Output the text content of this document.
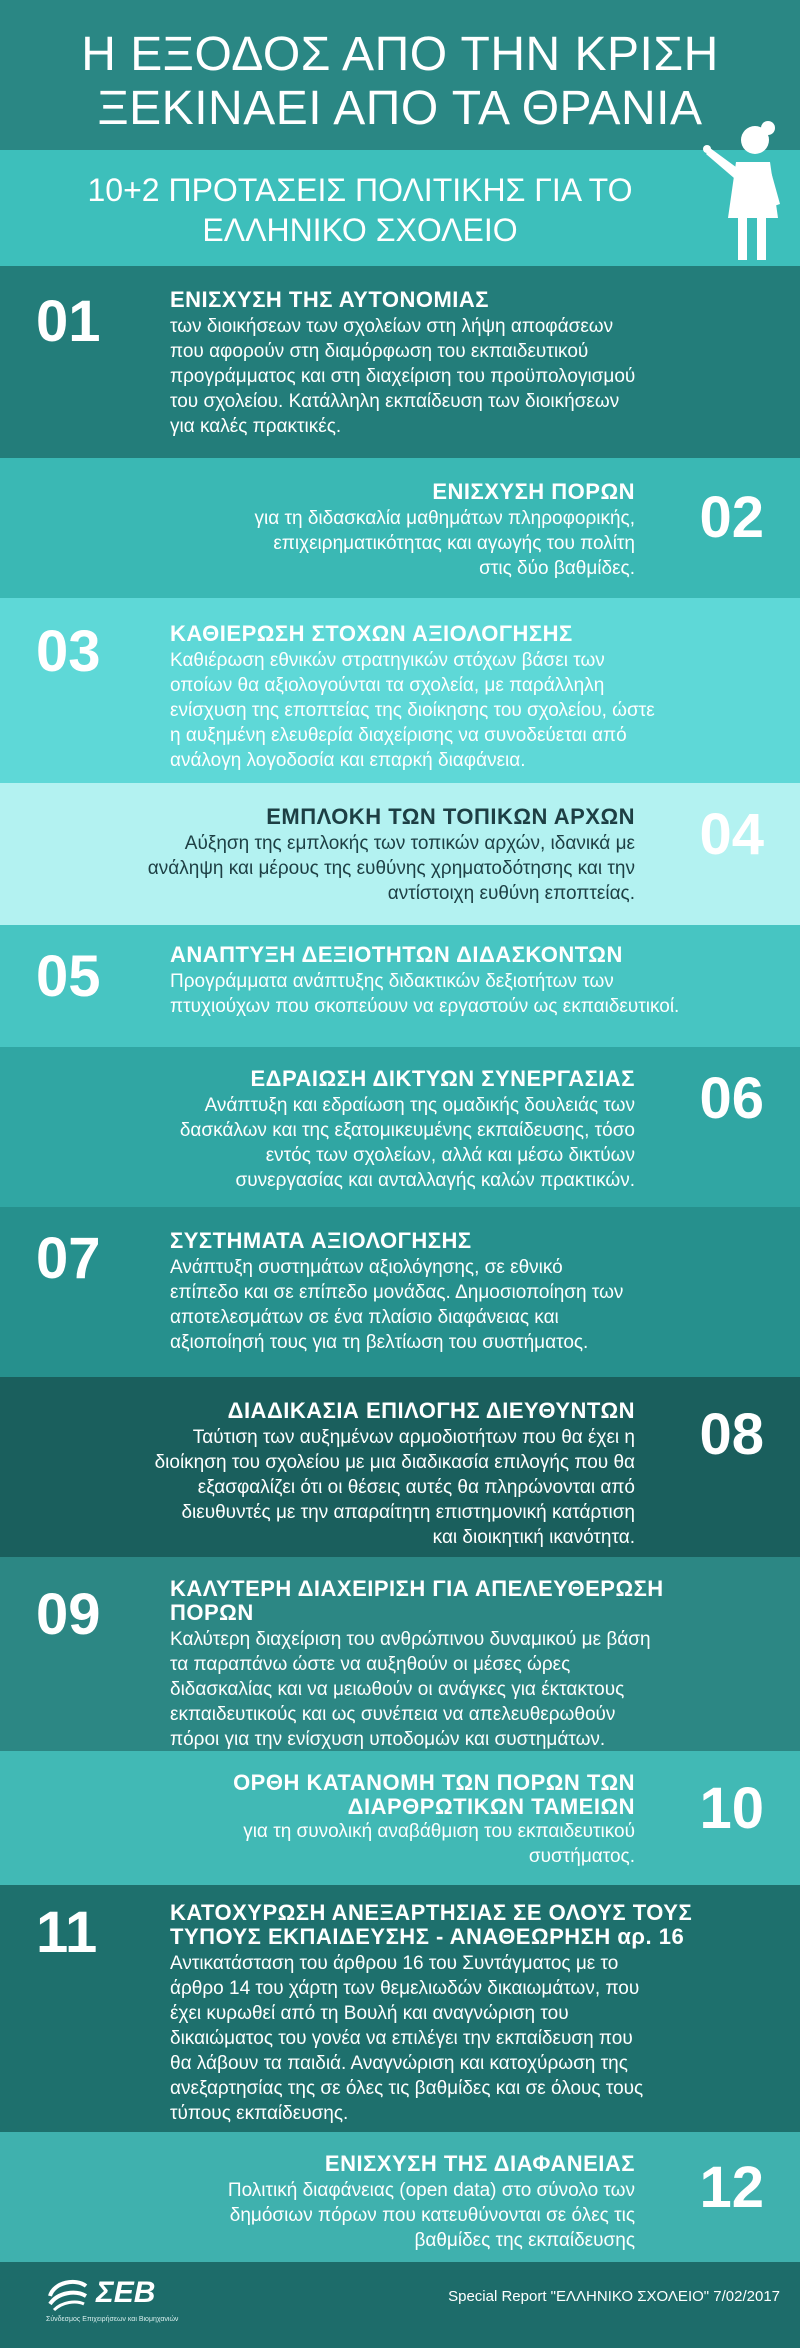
Η ΕΞΟΔΟΣ ΑΠΟ ΤΗΝ ΚΡΙΣΗ
ΞΕΚΙΝΑΕΙ ΑΠΟ ΤΑ ΘΡΑΝΙΑ
10+2 ΠΡΟΤΑΣΕΙΣ ΠΟΛΙΤΙΚΗΣ ΓΙΑ ΤΟ
ΕΛΛΗΝΙΚΟ ΣΧΟΛΕΙΟ
01	ΕΝΙΣΧΥΣΗ ΤΗΣ ΑΥΤΟΝΟΜΙΑΣ
των διοικήσεων των σχολείων στη λήψη αποφάσεων
που αφορούν στη διαμόρφωση του εκπαιδευτικού
προγράμματος και στη διαχείριση του προϋπολογισμού
του σχολείου. Κατάλληλη εκπαίδευση των διοικήσεων
για καλές πρακτικές.
02
ΕΝΙΣΧΥΣΗ ΠΟΡΩΝ
για τη διδασκαλία μαθημάτων πληροφορικής,
επιχειρηματικότητας και αγωγής του πολίτη
στις δύο βαθμίδες.
03	ΚΑΘΙΕΡΩΣΗ ΣΤΟΧΩΝ ΑΞΙΟΛΟΓΗΣΗΣ
Καθιέρωση εθνικών στρατηγικών στόχων βάσει των
οποίων θα αξιολογούνται τα σχολεία, με παράλληλη
ενίσχυση της εποπτείας της διοίκησης του σχολείου, ώστε
η αυξημένη ελευθερία διαχείρισης να συνοδεύεται από
ανάλογη λογοδοσία και επαρκή διαφάνεια.
04
ΕΜΠΛΟΚΗ ΤΩΝ ΤΟΠΙΚΩΝ ΑΡΧΩΝ
Αύξηση της εμπλοκής των τοπικών αρχών, ιδανικά με
ανάληψη και μέρους της ευθύνης χρηματοδότησης και την
αντίστοιχη ευθύνη εποπτείας.
05	ΑΝΑΠΤΥΞΗ ΔΕΞΙΟΤΗΤΩΝ ΔΙΔΑΣΚΟΝΤΩΝ
Προγράμματα ανάπτυξης διδακτικών δεξιοτήτων των
πτυχιούχων που σκοπεύουν να εργαστούν ως εκπαιδευτικοί.
06
ΕΔΡΑΙΩΣΗ ΔΙΚΤΥΩΝ ΣΥΝΕΡΓΑΣΙΑΣ
Ανάπτυξη και εδραίωση της ομαδικής δουλειάς των
δασκάλων και της εξατομικευμένης εκπαίδευσης, τόσο
εντός των σχολείων, αλλά και μέσω δικτύων
συνεργασίας και ανταλλαγής καλών πρακτικών.
07	ΣΥΣΤΗΜΑΤΑ ΑΞΙΟΛΟΓΗΣΗΣ
Ανάπτυξη συστημάτων αξιολόγησης, σε εθνικό
επίπεδο και σε επίπεδο μονάδας. Δημοσιοποίηση των
αποτελεσμάτων σε ένα πλαίσιο διαφάνειας και
αξιοποίησή τους για τη βελτίωση του συστήματος.
08
ΔΙΑΔΙΚΑΣΙΑ ΕΠΙΛΟΓΗΣ ΔΙΕΥΘΥΝΤΩΝ
Ταύτιση των αυξημένων αρμοδιοτήτων που θα έχει η
διοίκηση του σχολείου με μια διαδικασία επιλογής που θα
εξασφαλίζει ότι οι θέσεις αυτές θα πληρώνονται από
διευθυντές με την απαραίτητη επιστημονική κατάρτιση
και διοικητική ικανότητα.
09	ΚΑΛΥΤΕΡΗ ΔΙΑΧΕΙΡΙΣΗ ΓΙΑ ΑΠΕΛΕΥΘΕΡΩΣΗ
ΠΟΡΩΝ
Καλύτερη διαχείριση του ανθρώπινου δυναμικού με βάση
τα παραπάνω ώστε να αυξηθούν οι μέσες ώρες
διδασκαλίας και να μειωθούν οι ανάγκες για έκτακτους
εκπαιδευτικούς και ως συνέπεια να απελευθερωθούν
πόροι για την ενίσχυση υποδομών και συστημάτων.
10
ΟΡΘΗ ΚΑΤΑΝΟΜΗ ΤΩΝ ΠΟΡΩΝ ΤΩΝ
ΔΙΑΡΘΡΩΤΙΚΩΝ ΤΑΜΕΙΩΝ
για τη συνολική αναβάθμιση του εκπαιδευτικού
συστήματος.
11	ΚΑΤΟΧΥΡΩΣΗ ΑΝΕΞΑΡΤΗΣΙΑΣ ΣΕ ΟΛΟΥΣ ΤΟΥΣ
ΤΥΠΟΥΣ ΕΚΠΑΙΔΕΥΣΗΣ - ΑΝΑΘΕΩΡΗΣΗ αρ. 16
Αντικατάσταση του άρθρου 16 του Συντάγματος με το
άρθρο 14 του χάρτη των θεμελιωδών δικαιωμάτων, που
έχει κυρωθεί από τη Βουλή και αναγνώριση του
δικαιώματος του γονέα να επιλέγει την εκπαίδευση που
θα λάβουν τα παιδιά. Αναγνώριση και κατοχύρωση της
ανεξαρτησίας της σε όλες τις βαθμίδες και σε όλους τους
τύπους εκπαίδευσης.
12
ΕΝΙΣΧΥΣΗ ΤΗΣ ΔΙΑΦΑΝΕΙΑΣ
Πολιτική διαφάνειας (open data) στο σύνολο των
δημόσιων πόρων που κατευθύνονται σε όλες τις
βαθμίδες της εκπαίδευσης
ΣΕΒ
Σύνδεσμος Επιχειρήσεων και Βιομηχανιών
Special Report "ΕΛΛΗΝΙΚΟ ΣΧΟΛΕΙΟ" 7/02/2017
